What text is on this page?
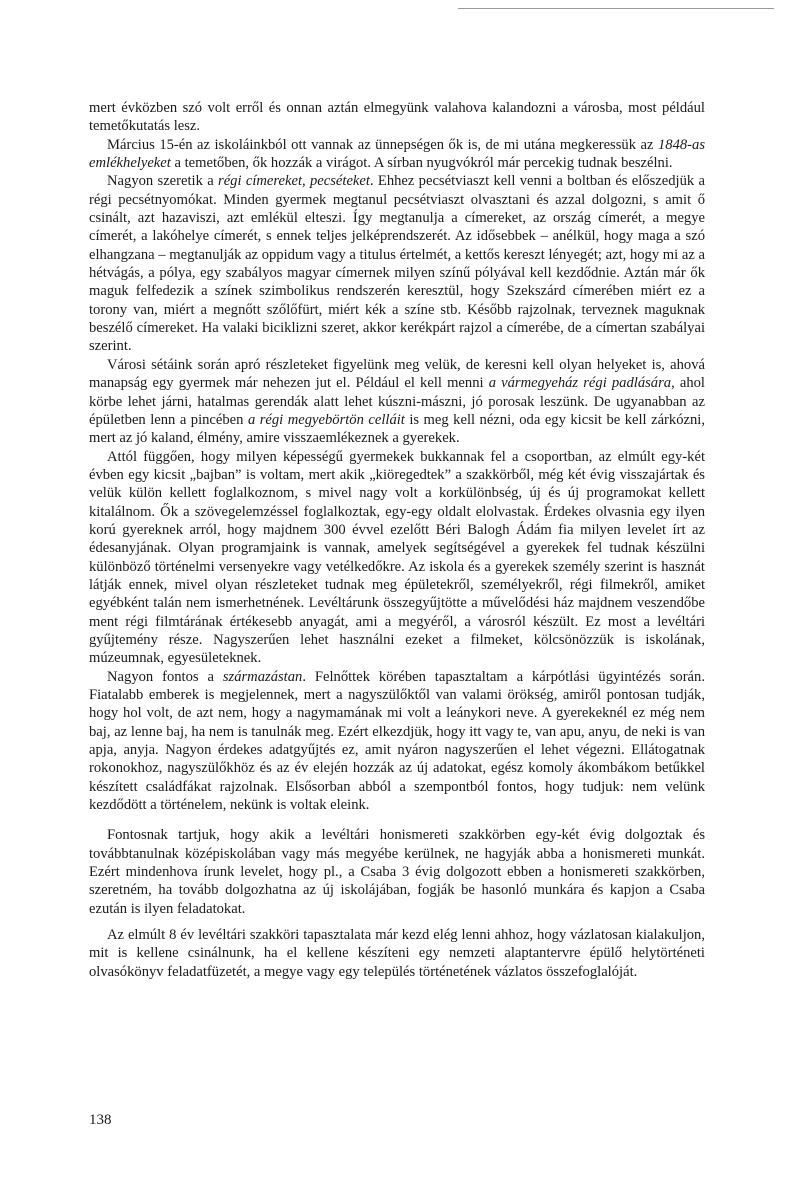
mert évközben szó volt erről és onnan aztán elmegyünk valahova kalandozni a városba, most például temetőkutatás lesz.

Március 15-én az iskoláinkból ott vannak az ünnepségen ők is, de mi utána megkeressük az 1848-as emlékhelyeket a temetőben, ők hozzák a virágot. A sírban nyugvókról már percekig tudnak beszélni.

Nagyon szeretik a régi címereket, pecséteket. Ehhez pecsétviaszt kell venni a boltban és előszedjük a régi pecsétnyomókat. Minden gyermek megtanul pecsétviaszt olvasztani és azzal dolgozni, s amit ő csinált, azt hazaviszi, azt emlékül elteszi. Így megtanulja a címereket, az ország címerét, a megye címerét, a lakóhelye címerét, s ennek teljes jelképrendszerét. Az idősebbek – anélkül, hogy maga a szó elhangzana – megtanulják az oppidum vagy a titulus értelmét, a kettős kereszt lényegét; azt, hogy mi az a hétvágás, a pólya, egy szabályos magyar címernek milyen színű pólyával kell kezdődnie. Aztán már ők maguk felfedezik a színek szimbolikus rendszerén keresztül, hogy Szekszárd címerében miért ez a torony van, miért a megnőtt szőlőfürt, miért kék a színe stb. Később rajzolnak, terveznek maguknak beszélő címereket. Ha valaki biciklizni szeret, akkor kerékpárt rajzol a címerébe, de a címertan szabályai szerint.

Városi sétáink során apró részleteket figyelünk meg velük, de keresni kell olyan helyeket is, ahová manapság egy gyermek már nehezen jut el. Például el kell menni a vármegyeház régi padlására, ahol körbe lehet járni, hatalmas gerendák alatt lehet kúszni-mászni, jó porosak leszünk. De ugyanabban az épületben lenn a pincében a régi megyebörtön celláit is meg kell nézni, oda egy kicsit be kell zárkózni, mert az jó kaland, élmény, amire visszaemlékeznek a gyerekek.

Attól függően, hogy milyen képességű gyermekek bukkannak fel a csoportban, az elmúlt egy-két évben egy kicsit „bajban” is voltam, mert akik „kiöregedtek” a szakkörből, még két évig visszajártak és velük külön kellett foglalkoznom, s mivel nagy volt a korkülönbség, új és új programokat kellett kitalálnom. Ők a szövegelemzéssel foglalkoztak, egy-egy oldalt elolvastak. Érdekes olvasnia egy ilyen korú gyereknek arról, hogy majdnem 300 évvel ezelőtt Béri Balogh Ádám fia milyen levelet írt az édesanyjának. Olyan programjaink is vannak, amelyek segítségével a gyerekek fel tudnak készülni különböző történelmi versenyekre vagy vetélkedőkre. Az iskola és a gyerekek személy szerint is hasznát látják ennek, mivel olyan részleteket tudnak meg épületekről, személyekről, régi filmekről, amiket egyébként talán nem ismerhetnének. Levéltárunk összegyűjtötte a művelődési ház majdnem veszendőbe ment régi filmtárának értékesebb anyagát, ami a megyéről, a városról készült. Ez most a levéltári gyűjtemény része. Nagyszerűen lehet használni ezeket a filmeket, kölcsönözzük is iskolának, múzeumnak, egyesületeknek.

Nagyon fontos a származástan. Felnőttek körében tapasztaltam a kárpótlási ügyintézés során. Fiatalabb emberek is megjelennek, mert a nagyszülőktől van valami örökség, amiről pontosan tudják, hogy hol volt, de azt nem, hogy a nagymamának mi volt a leánykori neve. A gyerekeknél ez még nem baj, az lenne baj, ha nem is tanulnák meg. Ezért elkezdjük, hogy itt vagy te, van apu, anyu, de neki is van apja, anyja. Nagyon érdekes adatgyűjtés ez, amit nyáron nagyszerűen el lehet végezni. Ellátogatnak rokonokhoz, nagyszülőkhöz és az év elején hozzák az új adatokat, egész komoly ákombákom betűkkel készített családfákat rajzolnak. Elsősorban abból a szempontból fontos, hogy tudjuk: nem velünk kezdődött a történelem, nekünk is voltak eleink.

Fontosnak tartjuk, hogy akik a levéltári honismereti szakkörben egy-két évig dolgoztak és továbbtanulnak középiskolában vagy más megyébe kerülnek, ne hagyják abba a honismereti munkát. Ezért mindenhova írunk levelet, hogy pl., a Csaba 3 évig dolgozott ebben a honismereti szakkörben, szeretném, ha tovább dolgozhatna az új iskolájában, fogják be hasonló munkára és kapjon a Csaba ezután is ilyen feladatokat.

Az elmúlt 8 év levéltári szakköri tapasztalata már kezd elég lenni ahhoz, hogy vázlatosan kialakuljon, mit is kellene csinálnunk, ha el kellene készíteni egy nemzeti alaptantervre épülő helytörténeti olvasókönyv feladatfüzetét, a megye vagy egy település történetének vázlatos összefoglalóját.

138
